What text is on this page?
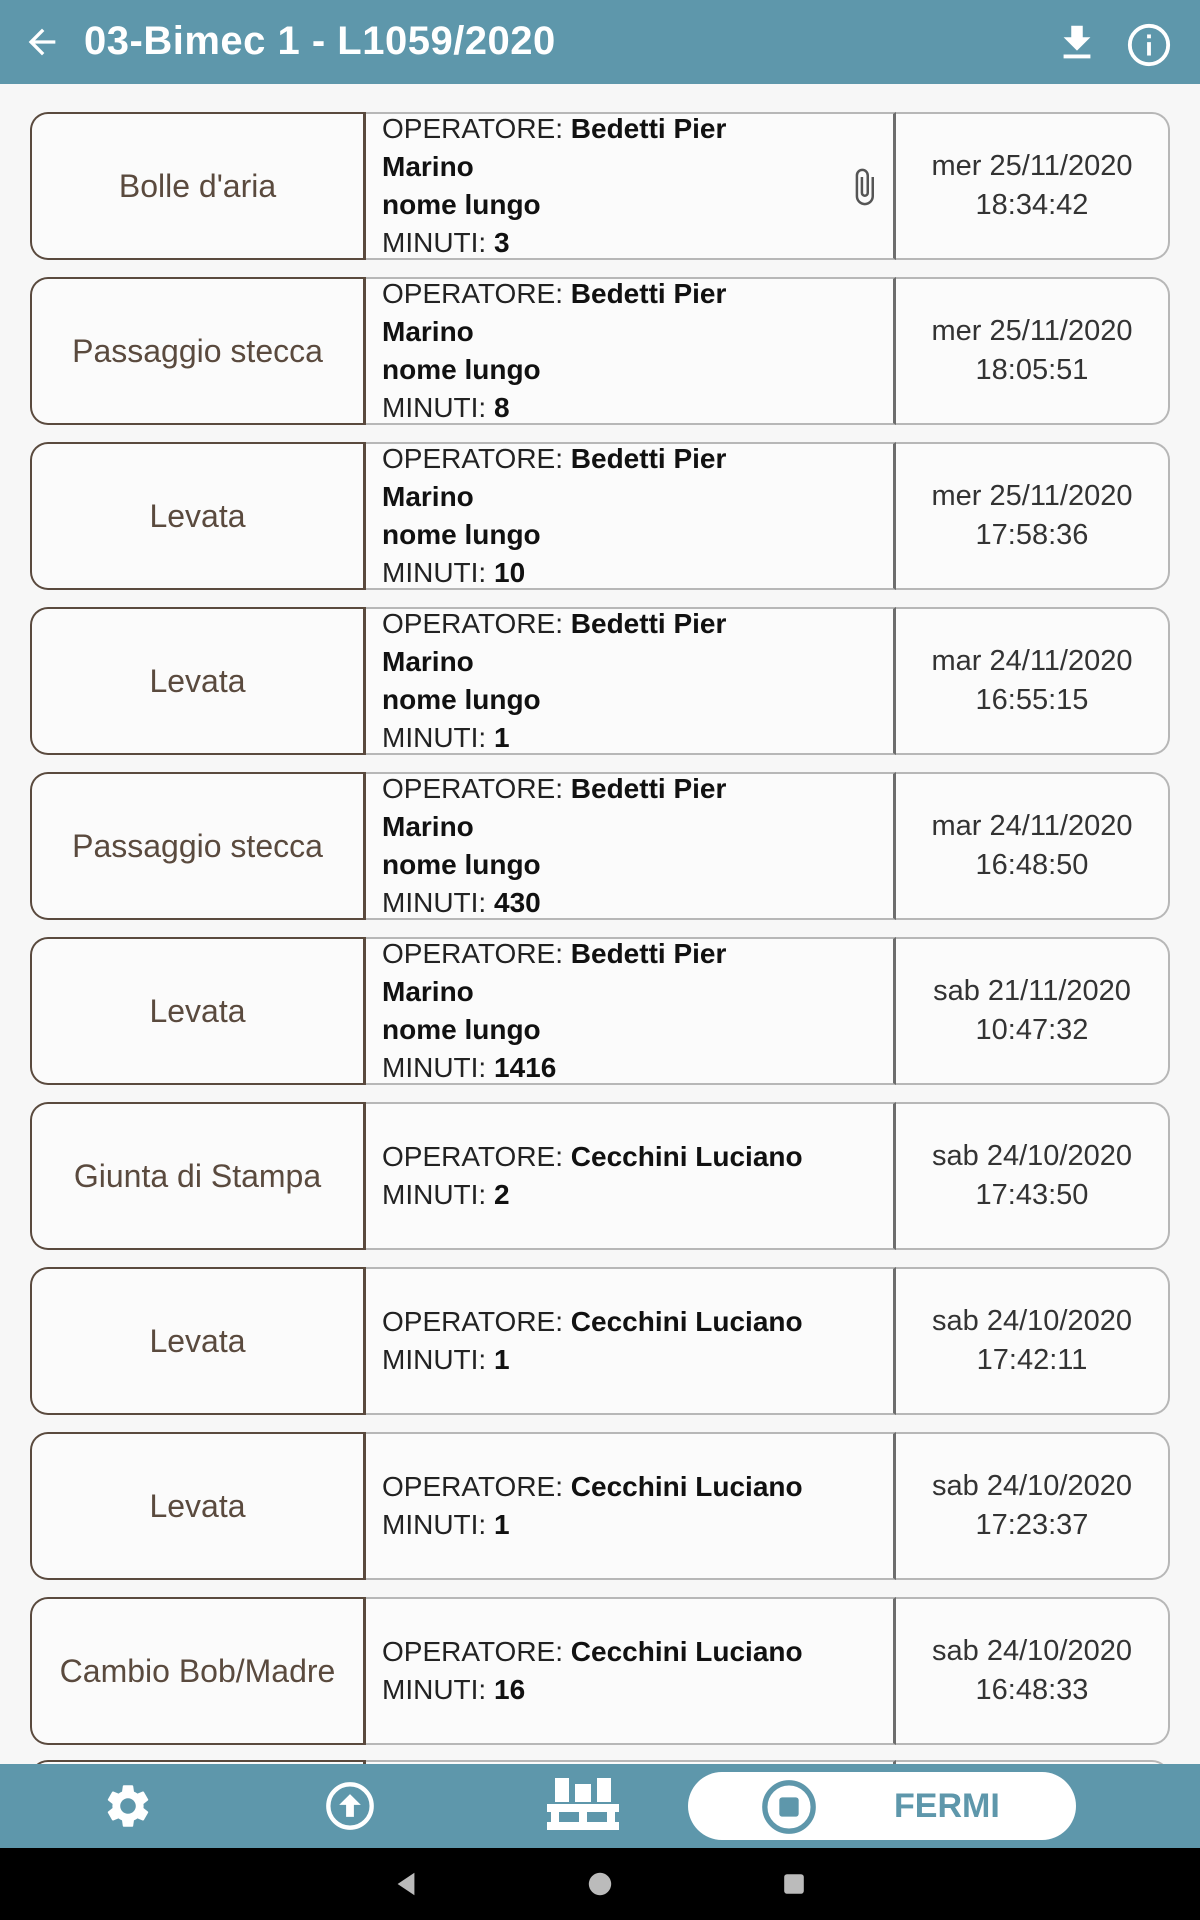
03-Bimec 1 - L1059/2020
Bolle d'aria
OPERATORE: Bedetti Pier Marino
nome lungo
MINUTI: 3
mer 25/11/2020
18:34:42
Passaggio stecca
OPERATORE: Bedetti Pier Marino
nome lungo
MINUTI: 8
mer 25/11/2020
18:05:51
Levata
OPERATORE: Bedetti Pier Marino
nome lungo
MINUTI: 10
mer 25/11/2020
17:58:36
Levata
OPERATORE: Bedetti Pier Marino
nome lungo
MINUTI: 1
mar 24/11/2020
16:55:15
Passaggio stecca
OPERATORE: Bedetti Pier Marino
nome lungo
MINUTI: 430
mar 24/11/2020
16:48:50
Levata
OPERATORE: Bedetti Pier Marino
nome lungo
MINUTI: 1416
sab 21/11/2020
10:47:32
Giunta di Stampa
OPERATORE: Cecchini Luciano
MINUTI: 2
sab 24/10/2020
17:43:50
Levata
OPERATORE: Cecchini Luciano
MINUTI: 1
sab 24/10/2020
17:42:11
Levata
OPERATORE: Cecchini Luciano
MINUTI: 1
sab 24/10/2020
17:23:37
Cambio Bob/Madre
OPERATORE: Cecchini Luciano
MINUTI: 16
sab 24/10/2020
16:48:33
FERMI
